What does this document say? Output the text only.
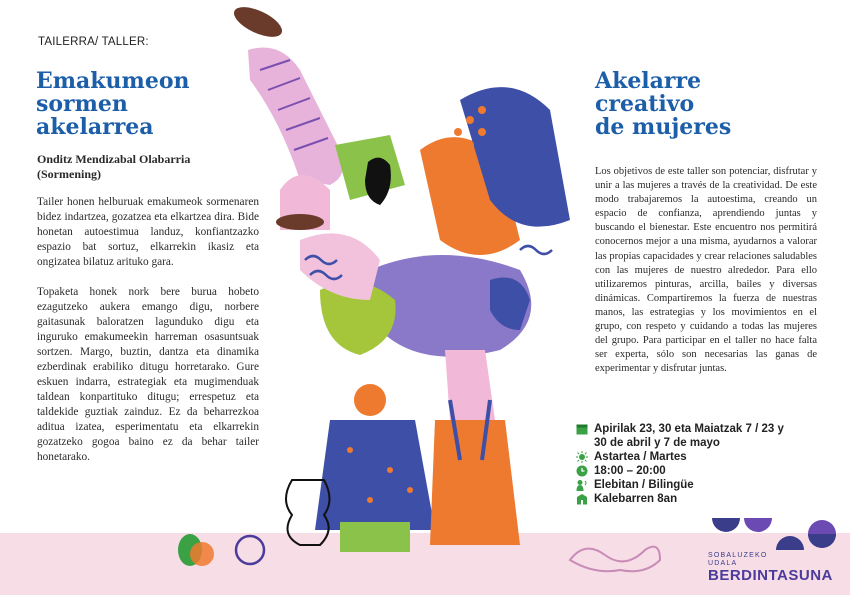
TAILERRA/ TALLER:
Emakumeon
sormen
akelarrea
Onditz Mendizabal Olabarria
(Sormening)

Tailer honen helburuak emakumeok sormenaren bidez indartzea, gozatzea eta elkartzea dira. Bide honetan autoestimua landuz, konfiantzazko espazio bat sortuz, elkarrekin ikasiz eta ongizatea bilatuz arituko gara.

Topaketa honek nork bere burua hobeto ezagutzeko aukera emango digu, norbere gaitasunak baloratzen lagunduko digu eta inguruko emakumeekin harreman osasuntsuak sortzen. Margo, buztin, dantza eta dinamika ezberdinak erabiliko ditugu horretarako. Gure eskuen indarra, estrategiak eta mugimenduak taldean konpartituko ditugu; errespetuz eta taldekide guztiak zainduz. Ez da beharrezkoa aditua izatea, esperimentatu eta elkarrekin gozatzeko gogoa baino ez da behar tailer honetarako.

Akelarre
creativo
de mujeres

Los objetivos de este taller son potenciar, disfrutar y unir a las mujeres a través de la creatividad. De este modo trabajaremos la autoestima, creando un espacio de confianza, aprendiendo juntas y buscando el bienestar. Este encuentro nos permitirá conocernos mejor a una misma, ayudarnos a valorar las propias capacidades y crear relaciones saludables con las mujeres de nuestro alrededor. Para ello utilizaremos pinturas, arcilla, bailes y diversas dinámicas. Compartiremos la fuerza de nuestras manos, las estrategias y los movimientos en el grupo, con respeto y cuidando a todas las mujeres del grupo. Para participar en el taller no hace falta ser experta, sólo son necesarias las ganas de experimentar y disfrutar juntas.

Apirilak 23, 30 eta Maiatzak 7 / 23 y
30 de abril y 7 de mayo
Astartea / Martes
18:00 – 20:00
Elebitan / Bilingüe
Kalebarren 8an
SOBALUZEKO
UDALA
BERDINTASUNA
